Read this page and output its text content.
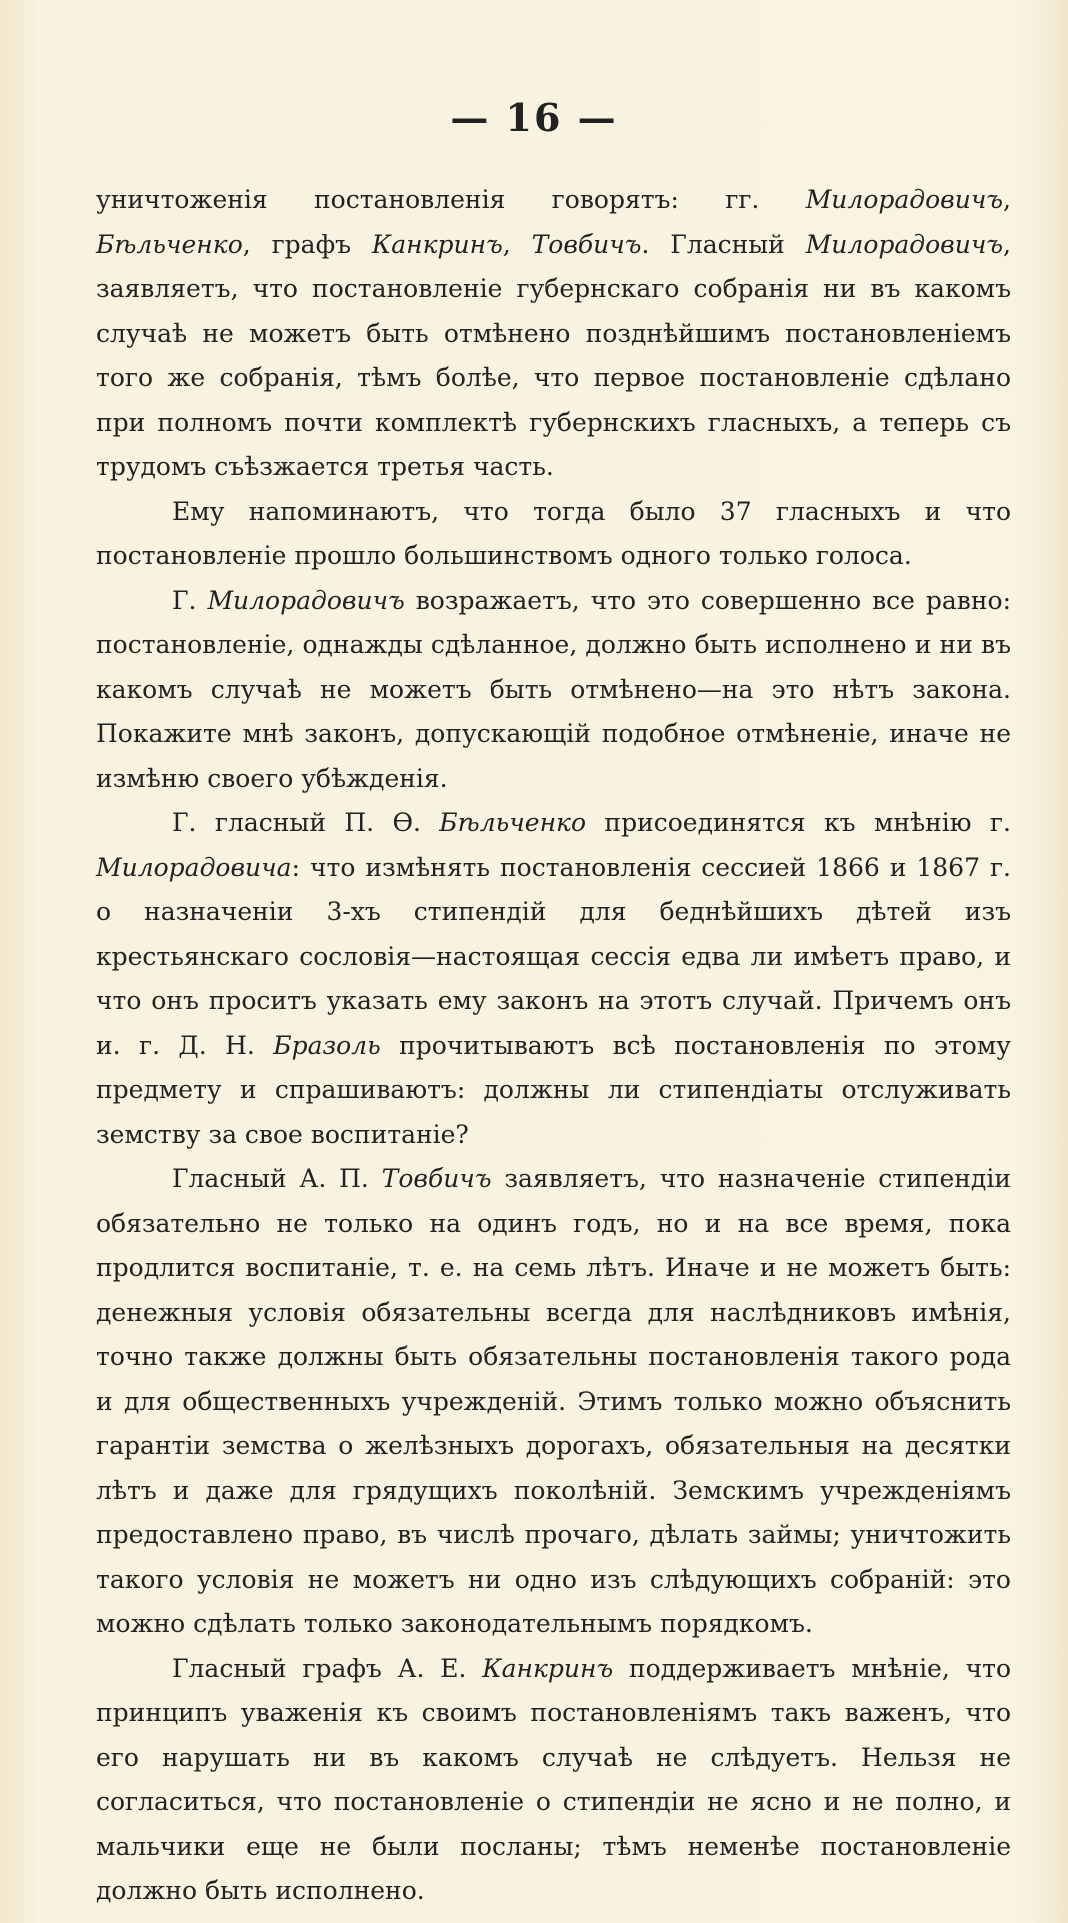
— 16 —

уничтоженія постановленія говорятъ: гг. Милорадовичъ, Бѣльченко, графъ Канкринъ, Товбичъ. Гласный Милорадовичъ, заявляетъ, что постановленіе губернскаго собранія ни въ какомъ случаѣ не можетъ быть отмѣнено позднѣйшимъ постановленіемъ того же собранія, тѣмъ болѣе, что первое постановленіе сдѣлано при полномъ почти комплектѣ губернскихъ гласныхъ, а теперь съ трудомъ съѣзжается третья часть.

Ему напоминаютъ, что тогда было 37 гласныхъ и что постановленіе прошло большинствомъ одного только голоса.

Г. Милорадовичъ возражаетъ, что это совершенно все равно: постановленіе, однажды сдѣланное, должно быть исполнено и ни въ какомъ случаѣ не можетъ быть отмѣнено—на это нѣтъ закона. Покажите мнѣ законъ, допускающій подобное отмѣненіе, иначе не измѣню своего убѣжденія.

Г. гласный П. Ѳ. Бѣльченко присоединятся къ мнѣнію г. Милорадовича: что измѣнять постановленія сессией 1866 и 1867 г. о назначеніи 3-хъ стипендій для беднѣйшихъ дѣтей изъ крестьянскаго сословія—настоящая сессія едва ли имѣетъ право, и что онъ проситъ указать ему законъ на этотъ случай. Причемъ онъ и. г. Д. Н. Бразоль прочитываютъ всѣ постановленія по этому предмету и спрашиваютъ: должны ли стипендіаты отслуживать земству за свое воспитаніе?

Гласный А. П. Товбичъ заявляетъ, что назначеніе стипендіи обязательно не только на одинъ годъ, но и на все время, пока продлится воспитаніе, т. е. на семь лѣтъ. Иначе и не можетъ быть: денежныя условія обязательны всегда для наслѣдниковъ имѣнія, точно также должны быть обязательны постановленія такого рода и для общественныхъ учрежденій. Этимъ только можно объяснить гарантіи земства о желѣзныхъ дорогахъ, обязательныя на десятки лѣтъ и даже для грядущихъ поколѣній. Земскимъ учрежденіямъ предоставлено право, въ числѣ прочаго, дѣлать займы; уничтожить такого условія не можетъ ни одно изъ слѣдующихъ собраній: это можно сдѣлать только законодательнымъ порядкомъ.

Гласный графъ А. Е. Канкринъ поддерживаетъ мнѣніе, что принципъ уваженія къ своимъ постановленіямъ такъ важенъ, что его нарушать ни въ какомъ случаѣ не слѣдуетъ. Нельзя не согласиться, что постановленіе о стипендіи не ясно и не полно, и мальчики еще не были посланы; тѣмъ неменѣе постановленіе должно быть исполнено.
